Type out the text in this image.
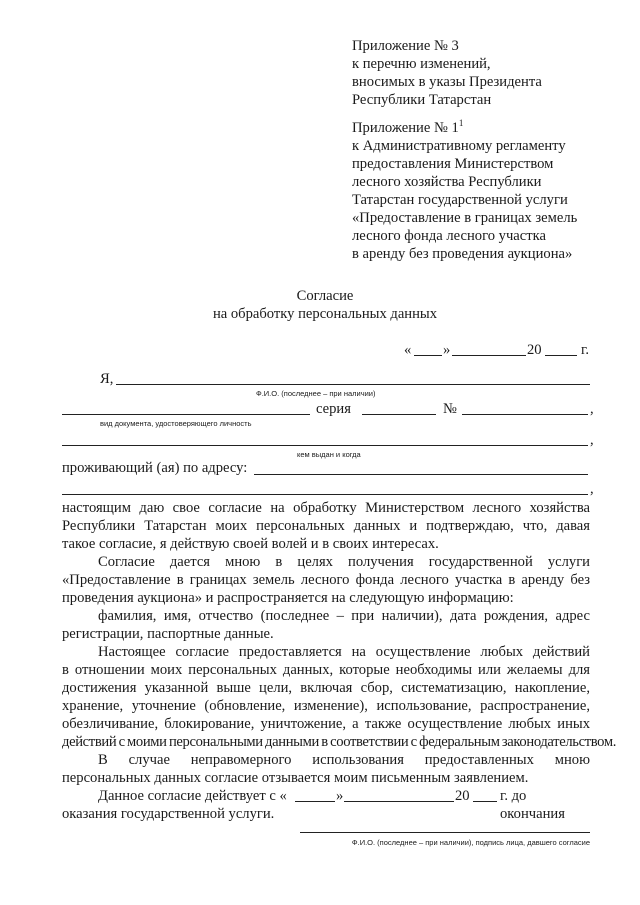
Приложение № 3
к перечню изменений,
вносимых в указы Президента
Республики Татарстан
Приложение № $1^1$
к Административному регламенту
предоставления Министерством
лесного хозяйства Республики
Татарстан государственной услуги
«Предоставление в границах земель
лесного фонда лесного участка
в аренду без проведения аукциона»
Согласие
на обработку персональных данных
« »	20	г.
Я,
Ф.И.О. (последнее – при наличии)
серия	№	,
вид документа, удостоверяющего личность
,
кем выдан и когда
проживающий (ая) по адресу:
,

настоящим даю свое согласие на обработку Министерством лесного хозяйства
Республики Татарстан моих персональных данных и подтверждаю, что, давая
такое согласие, я действую своей волей и в своих интересах.

Согласие дается мною в целях получения государственной услуги
«Предоставление в границах земель лесного фонда лесного участка в аренду без
проведения аукциона» и распространяется на следующую информацию:

фамилия, имя, отчество (последнее – при наличии), дата рождения, адрес
регистрации, паспортные данные.

Настоящее согласие предоставляется на осуществление любых действий
в отношении моих персональных данных, которые необходимы или желаемы для
достижения указанной выше цели, включая сбор, систематизацию, накопление,
хранение, уточнение (обновление, изменение), использование, распространение,
обезличивание, блокирование, уничтожение, а также осуществление любых иных
действий с моими персональными данными в соответствии с федеральным законодательством.

В случае неправомерного использования предоставленных мною
персональных данных согласие отзывается моим письменным заявлением.

Данное согласие действует с «	»	20 г. до окончания

оказания государственной услуги.

Ф.И.О. (последнее – при наличии), подпись лица, давшего согласие
